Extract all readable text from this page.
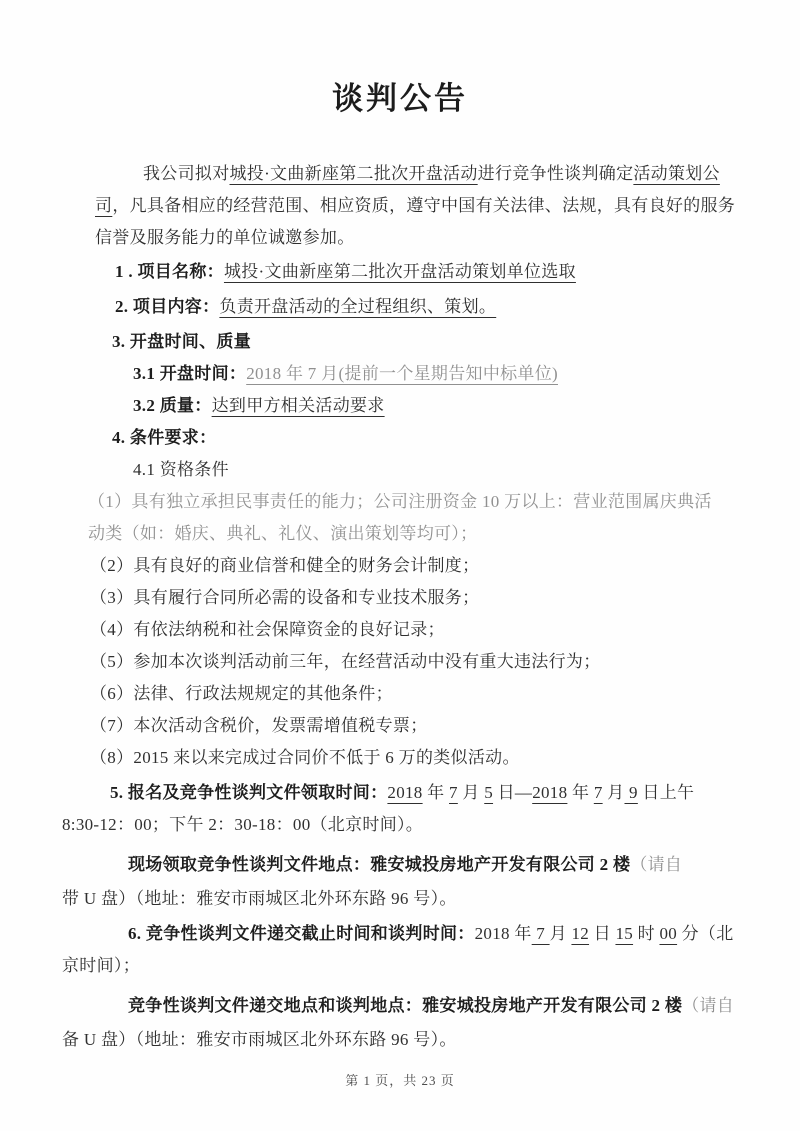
谈判公告
我公司拟对城投·文曲新座第二批次开盘活动进行竞争性谈判确定活动策划公
司，凡具备相应的经营范围、相应资质，遵守中国有关法律、法规，具有良好的服务
信誉及服务能力的单位诚邀参加。
1 . 项目名称：城投·文曲新座第二批次开盘活动策划单位选取
2. 项目内容：负责开盘活动的全过程组织、策划。
3. 开盘时间、质量
3.1 开盘时间：2018 年 7 月(提前一个星期告知中标单位)
3.2 质量：达到甲方相关活动要求
4. 条件要求：
4.1 资格条件
（1）具有独立承担民事责任的能力；公司注册资金 10 万以上：营业范围属庆典活
动类（如：婚庆、典礼、礼仪、演出策划等均可）；
（2）具有良好的商业信誉和健全的财务会计制度；
（3）具有履行合同所必需的设备和专业技术服务；
（4）有依法纳税和社会保障资金的良好记录；
（5）参加本次谈判活动前三年，在经营活动中没有重大违法行为；
（6）法律、行政法规规定的其他条件；
（7）本次活动含税价，发票需增值税专票；
（8）2015 来以来完成过合同价不低于 6 万的类似活动。
5. 报名及竞争性谈判文件领取时间：2018 年 7 月 5 日—2018 年 7 月 9 日上午
8:30-12：00；下午 2：30-18：00（北京时间）。
现场领取竞争性谈判文件地点：雅安城投房地产开发有限公司 2 楼（请自
带 U 盘）（地址：雅安市雨城区北外环东路 96 号）。
6. 竞争性谈判文件递交截止时间和谈判时间：2018 年 7 月 12 日 15 时 00 分（北
京时间）；
竞争性谈判文件递交地点和谈判地点：雅安城投房地产开发有限公司 2 楼（请自
备 U 盘）（地址：雅安市雨城区北外环东路 96 号）。
第 1 页，共 23 页
